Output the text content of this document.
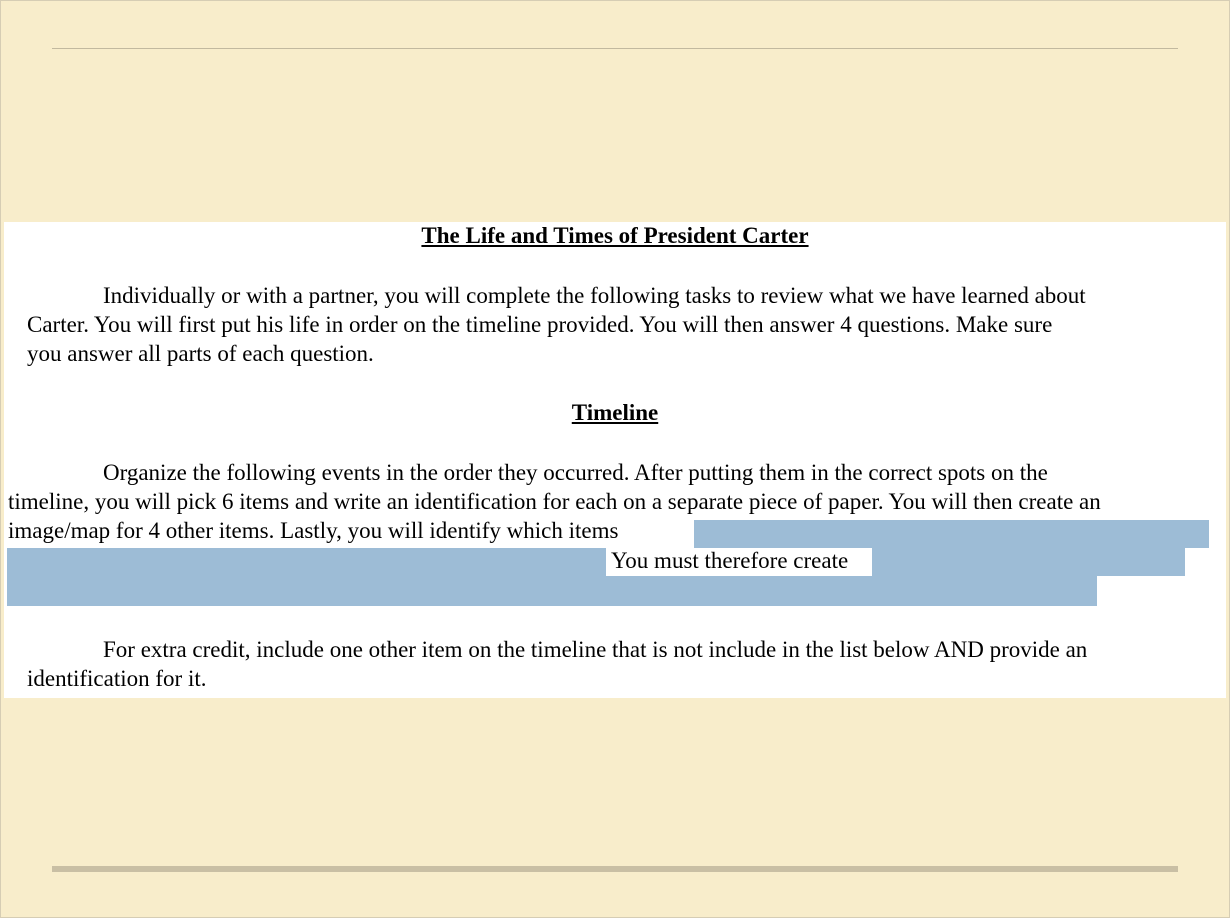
The Life and Times of President Carter
Individually or with a partner, you will complete the following tasks to review what we have learned about
Carter. You will first put his life in order on the timeline provided. You will then answer 4 questions. Make sure
you answer all parts of each question.
Timeline
Organize the following events in the order they occurred. After putting them in the correct spots on the
timeline, you will pick 6 items and write an identification for each on a separate piece of paper. You will then create an
image/map for 4 other items. Lastly, you will identify which items
You must therefore create
For extra credit, include one other item on the timeline that is not include in the list below AND provide an
identification for it.
